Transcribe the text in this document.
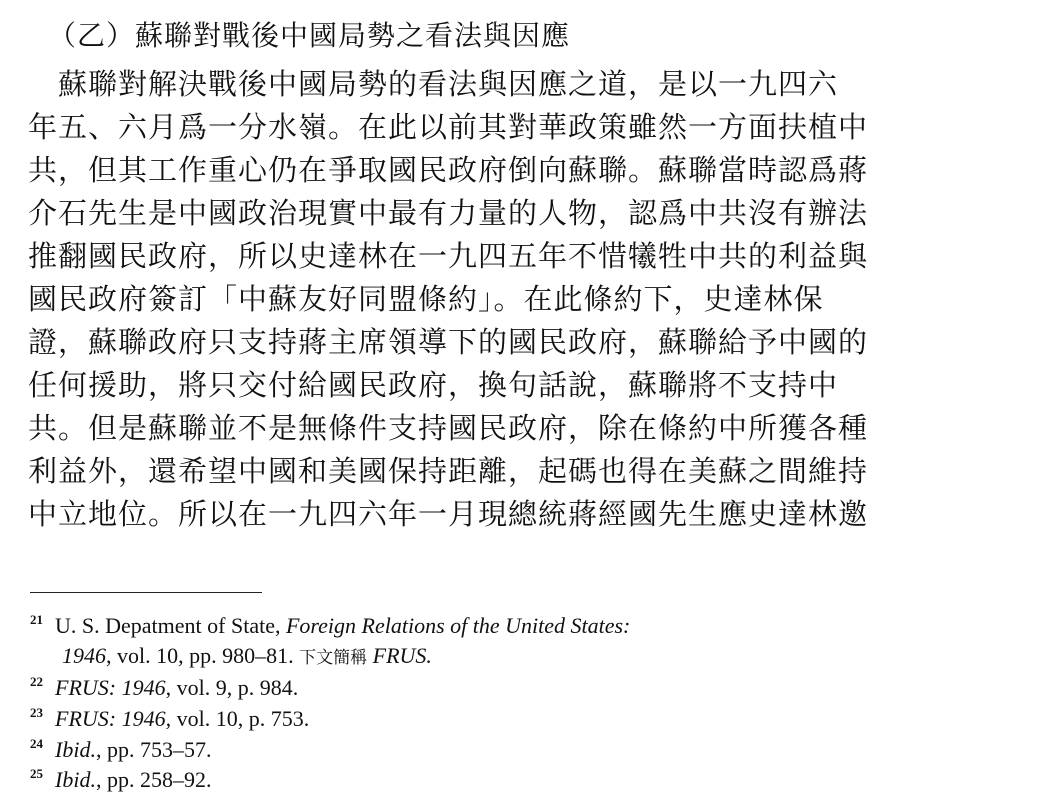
（乙）蘇聯對戰後中國局勢之看法與因應
　蘇聯對解決戰後中國局勢的看法與因應之道，是以一九四六
年五、六月爲一分水嶺。在此以前其對華政策雖然一方面扶植中
共，但其工作重心仍在爭取國民政府倒向蘇聯。蘇聯當時認爲蔣
介石先生是中國政治現實中最有力量的人物，認爲中共沒有辦法
推翻國民政府，所以史達林在一九四五年不惜犧牲中共的利益與
國民政府簽訂「中蘇友好同盟條約」。在此條約下，史達林保
證，蘇聯政府只支持蔣主席領導下的國民政府，蘇聯給予中國的
任何援助，將只交付給國民政府，換句話說，蘇聯將不支持中
共。但是蘇聯並不是無條件支持國民政府，除在條約中所獲各種
利益外，還希望中國和美國保持距離，起碼也得在美蘇之間維持
中立地位。所以在一九四六年一月現總統蔣經國先生應史達林邀
$^{21}$ U. S. Depatment of State, Foreign Relations of the United States:
1946, vol. 10, pp. 980–81. 下文簡稱 FRUS.
$^{22}$ FRUS: 1946, vol. 9, p. 984.
$^{23}$ FRUS: 1946, vol. 10, p. 753.
$^{24}$ Ibid., pp. 753–57.
$^{25}$ Ibid., pp. 258–92.
